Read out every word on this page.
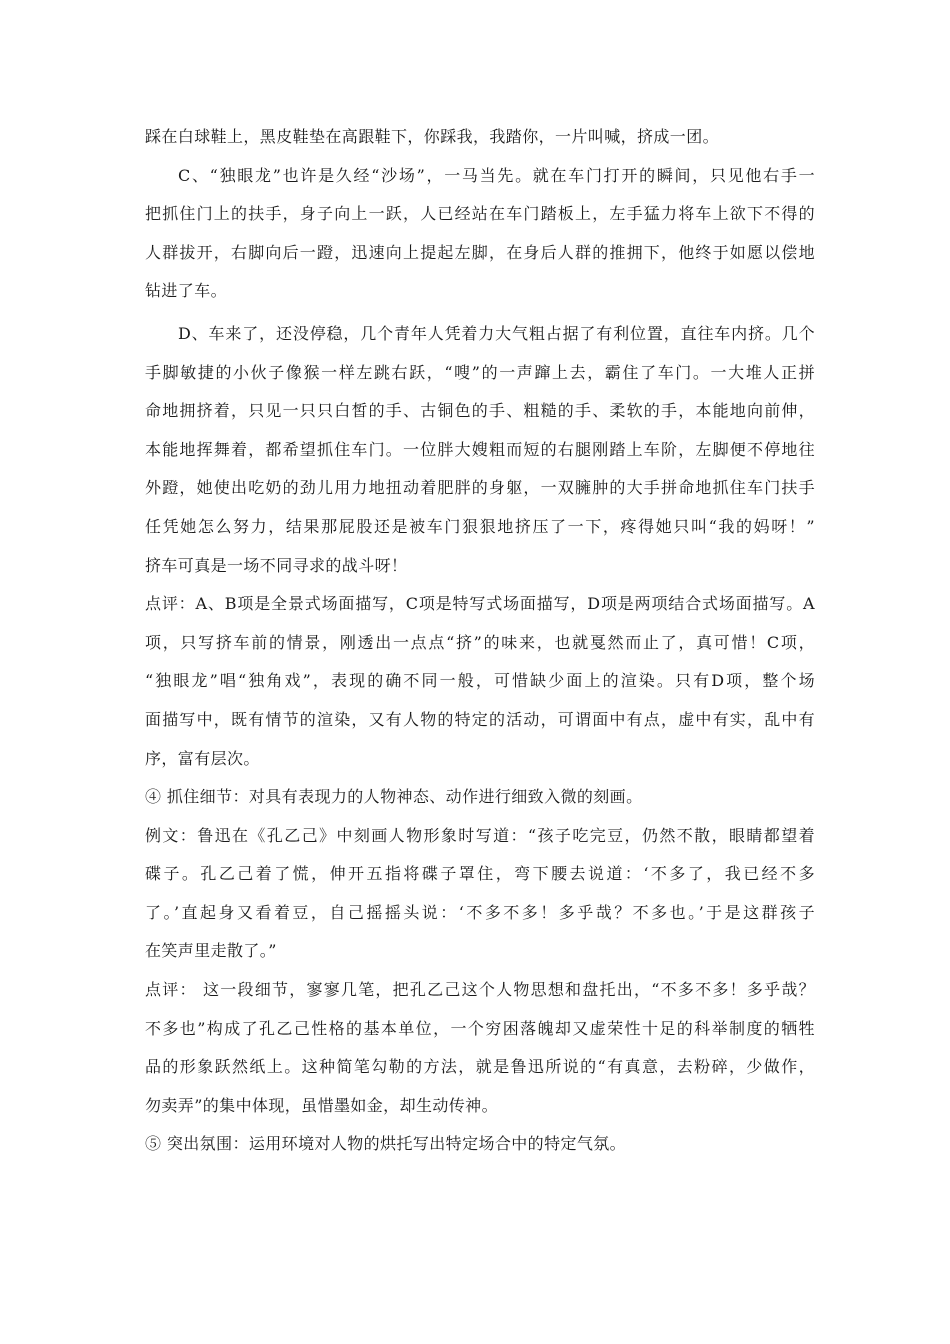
踩在白球鞋上，黑皮鞋垫在高跟鞋下，你踩我，我踏你，一片叫喊，挤成一团。
C、“独眼龙”也许是久经“沙场”，一马当先。就在车门打开的瞬间，只见他右手一
把抓住门上的扶手，身子向上一跃，人已经站在车门踏板上，左手猛力将车上欲下不得的
人群拔开，右脚向后一蹬，迅速向上提起左脚，在身后人群的推拥下，他终于如愿以偿地
钻进了车。
D、车来了，还没停稳，几个青年人凭着力大气粗占据了有利位置，直往车内挤。几个
手脚敏捷的小伙子像猴一样左跳右跃，“嗖”的一声蹿上去，霸住了车门。一大堆人正拼
命地拥挤着，只见一只只白皙的手、古铜色的手、粗糙的手、柔软的手，本能地向前伸，
本能地挥舞着，都希望抓住车门。一位胖大嫂粗而短的右腿刚踏上车阶，左脚便不停地往
外蹬，她使出吃奶的劲儿用力地扭动着肥胖的身躯，一双臃肿的大手拼命地抓住车门扶手
任凭她怎么努力，结果那屁股还是被车门狠狠地挤压了一下，疼得她只叫“我的妈呀！”
挤车可真是一场不同寻求的战斗呀！
点评：A、B项是全景式场面描写，C项是特写式场面描写，D项是两项结合式场面描写。A
项，只写挤车前的情景，刚透出一点点“挤”的味来，也就戛然而止了，真可惜！C项，
“独眼龙”唱“独角戏”，表现的确不同一般，可惜缺少面上的渲染。只有D项，整个场
面描写中，既有情节的渲染，又有人物的特定的活动，可谓面中有点，虚中有实，乱中有
序，富有层次。
④ 抓住细节：对具有表现力的人物神态、动作进行细致入微的刻画。
例文：鲁迅在《孔乙己》中刻画人物形象时写道：“孩子吃完豆，仍然不散，眼睛都望着
碟子。孔乙己着了慌，伸开五指将碟子罩住，弯下腰去说道：‘不多了，我已经不多
了。’直起身又看着豆，自己摇摇头说：‘不多不多！多乎哉？不多也。’于是这群孩子
在笑声里走散了。”
点评： 这一段细节，寥寥几笔，把孔乙己这个人物思想和盘托出，“不多不多！多乎哉？
不多也”构成了孔乙己性格的基本单位，一个穷困落魄却又虚荣性十足的科举制度的牺牲
品的形象跃然纸上。这种简笔勾勒的方法，就是鲁迅所说的“有真意，去粉碎，少做作，
勿卖弄”的集中体现，虽惜墨如金，却生动传神。
⑤ 突出氛围：运用环境对人物的烘托写出特定场合中的特定气氛。
